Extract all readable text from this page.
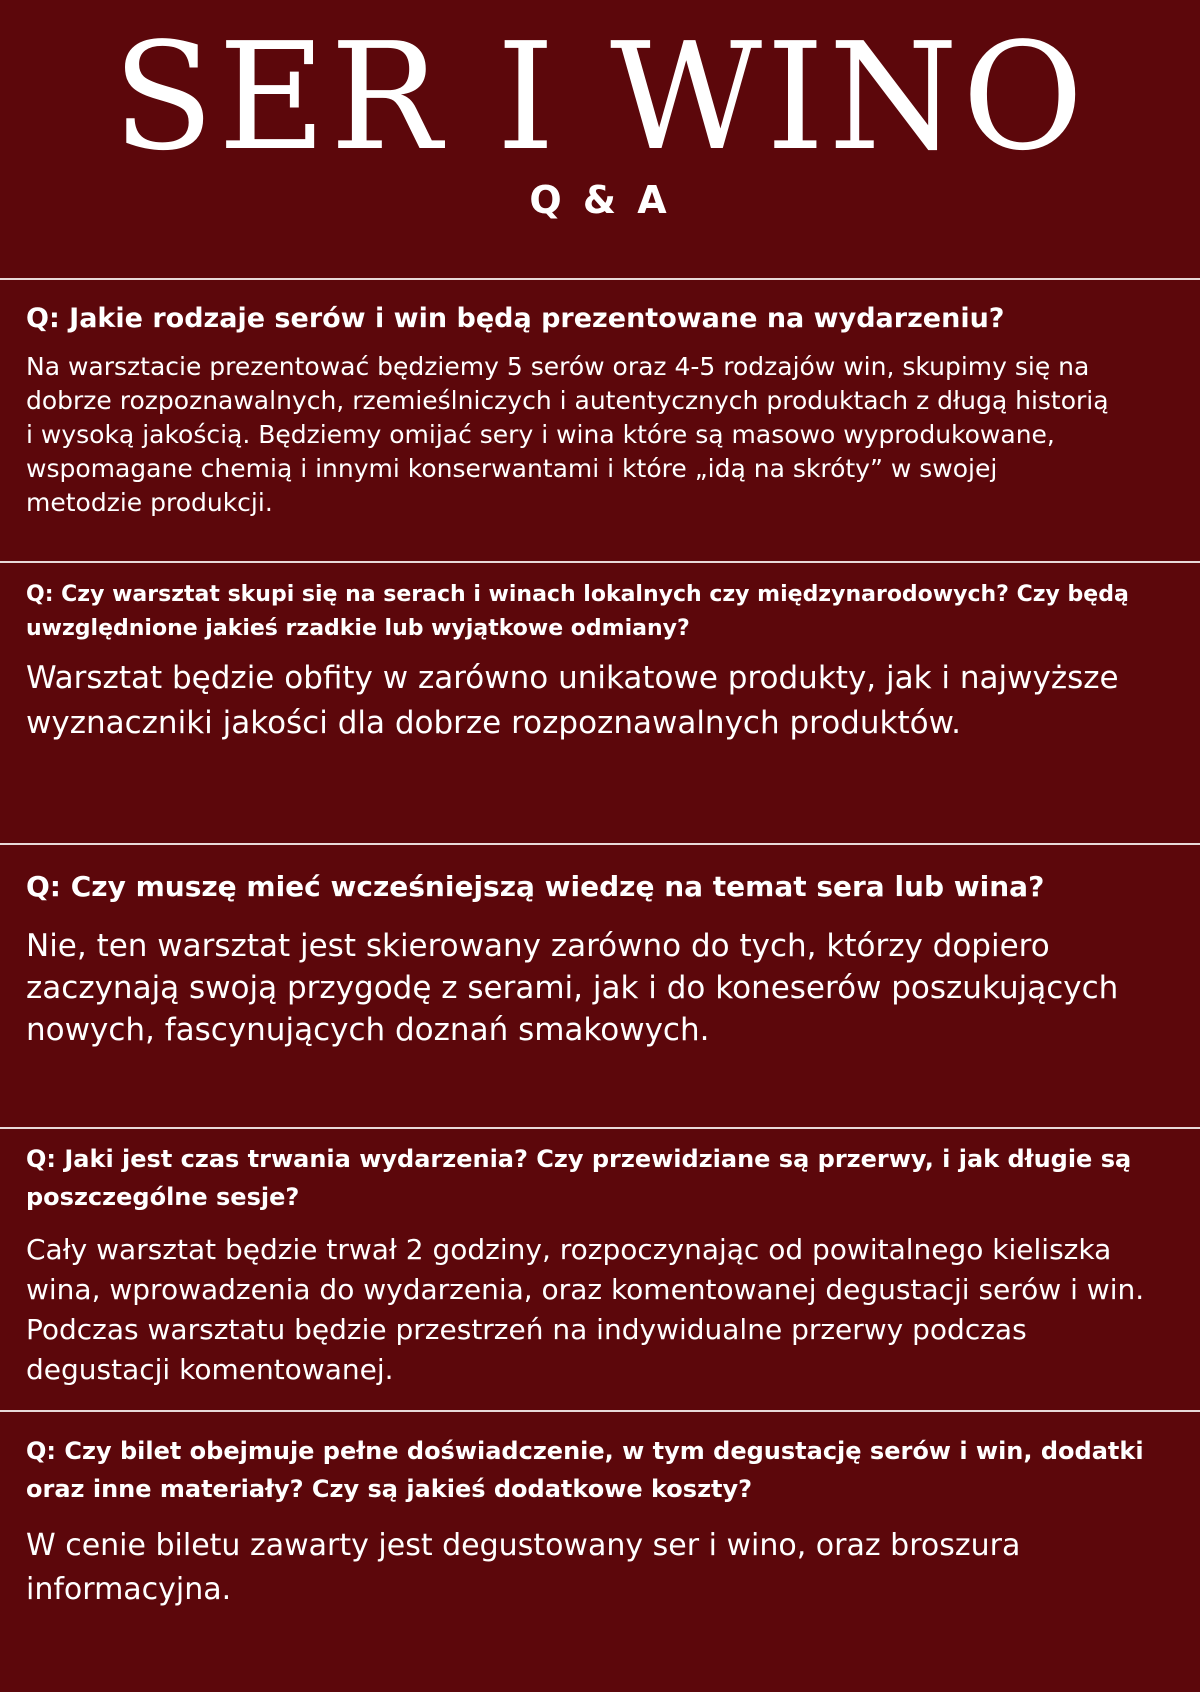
SER I WINO
Q & A

Q: Jakie rodzaje serów i win będą prezentowane na wydarzeniu?

Na warsztacie prezentować będziemy 5 serów oraz 4-5 rodzajów win, skupimy się na dobrze rozpoznawalnych, rzemieślniczych i autentycznych produktach z długą historią i wysoką jakością. Będziemy omijać sery i wina które są masowo wyprodukowane, wspomagane chemią i innymi konserwantami i które „idą na skróty” w swojej metodzie produkcji.

Q: Czy warsztat skupi się na serach i winach lokalnych czy międzynarodowych? Czy będą uwzględnione jakieś rzadkie lub wyjątkowe odmiany?

Warsztat będzie obfity w zarówno unikatowe produkty, jak i najwyższe wyznaczniki jakości dla dobrze rozpoznawalnych produktów.

Q: Czy muszę mieć wcześniejszą wiedzę na temat sera lub wina?

Nie, ten warsztat jest skierowany zarówno do tych, którzy dopiero zaczynają swoją przygodę z serami, jak i do koneserów poszukujących nowych, fascynujących doznań smakowych.

Q: Jaki jest czas trwania wydarzenia? Czy przewidziane są przerwy, i jak długie są poszczególne sesje?

Cały warsztat będzie trwał 2 godziny, rozpoczynając od powitalnego kieliszka wina, wprowadzenia do wydarzenia, oraz komentowanej degustacji serów i win. Podczas warsztatu będzie przestrzeń na indywidualne przerwy podczas degustacji komentowanej.

Q: Czy bilet obejmuje pełne doświadczenie, w tym degustację serów i win, dodatki oraz inne materiały? Czy są jakieś dodatkowe koszty?

W cenie biletu zawarty jest degustowany ser i wino, oraz broszura informacyjna.
